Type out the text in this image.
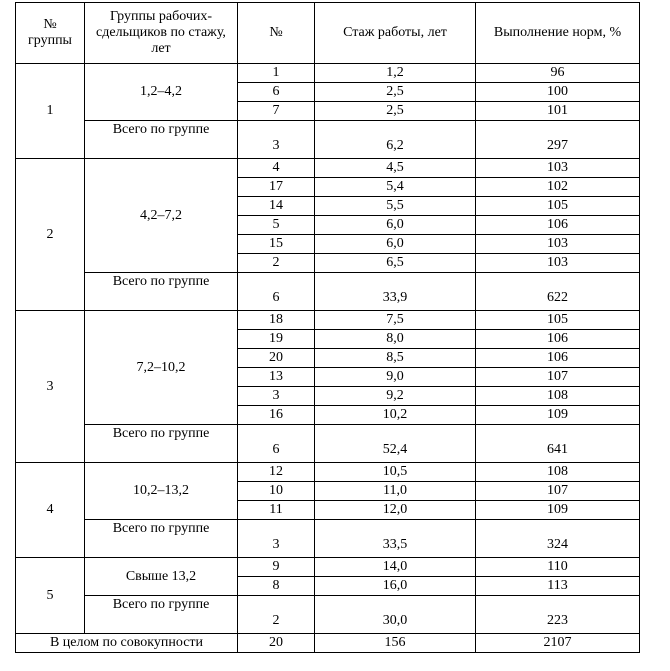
№ группы	Группы рабочих-сдельщиков по стажу, лет	№	Стаж работы, лет	Выполнение норм, %
1	1,2–4,2	1	1,2	96
		6	2,5	100
		7	2,5	101
	Всего по группе	3	6,2	297
2	4,2–7,2	4	4,5	103
		17	5,4	102
		14	5,5	105
		5	6,0	106
		15	6,0	103
		2	6,5	103
	Всего по группе	6	33,9	622
3	7,2–10,2	18	7,5	105
		19	8,0	106
		20	8,5	106
		13	9,0	107
		3	9,2	108
		16	10,2	109
	Всего по группе	6	52,4	641
4	10,2–13,2	12	10,5	108
		10	11,0	107
		11	12,0	109
	Всего по группе	3	33,5	324
5	Свыше 13,2	9	14,0	110
		8	16,0	113
	Всего по группе	2	30,0	223
В целом по совокупности		20	156	2107
